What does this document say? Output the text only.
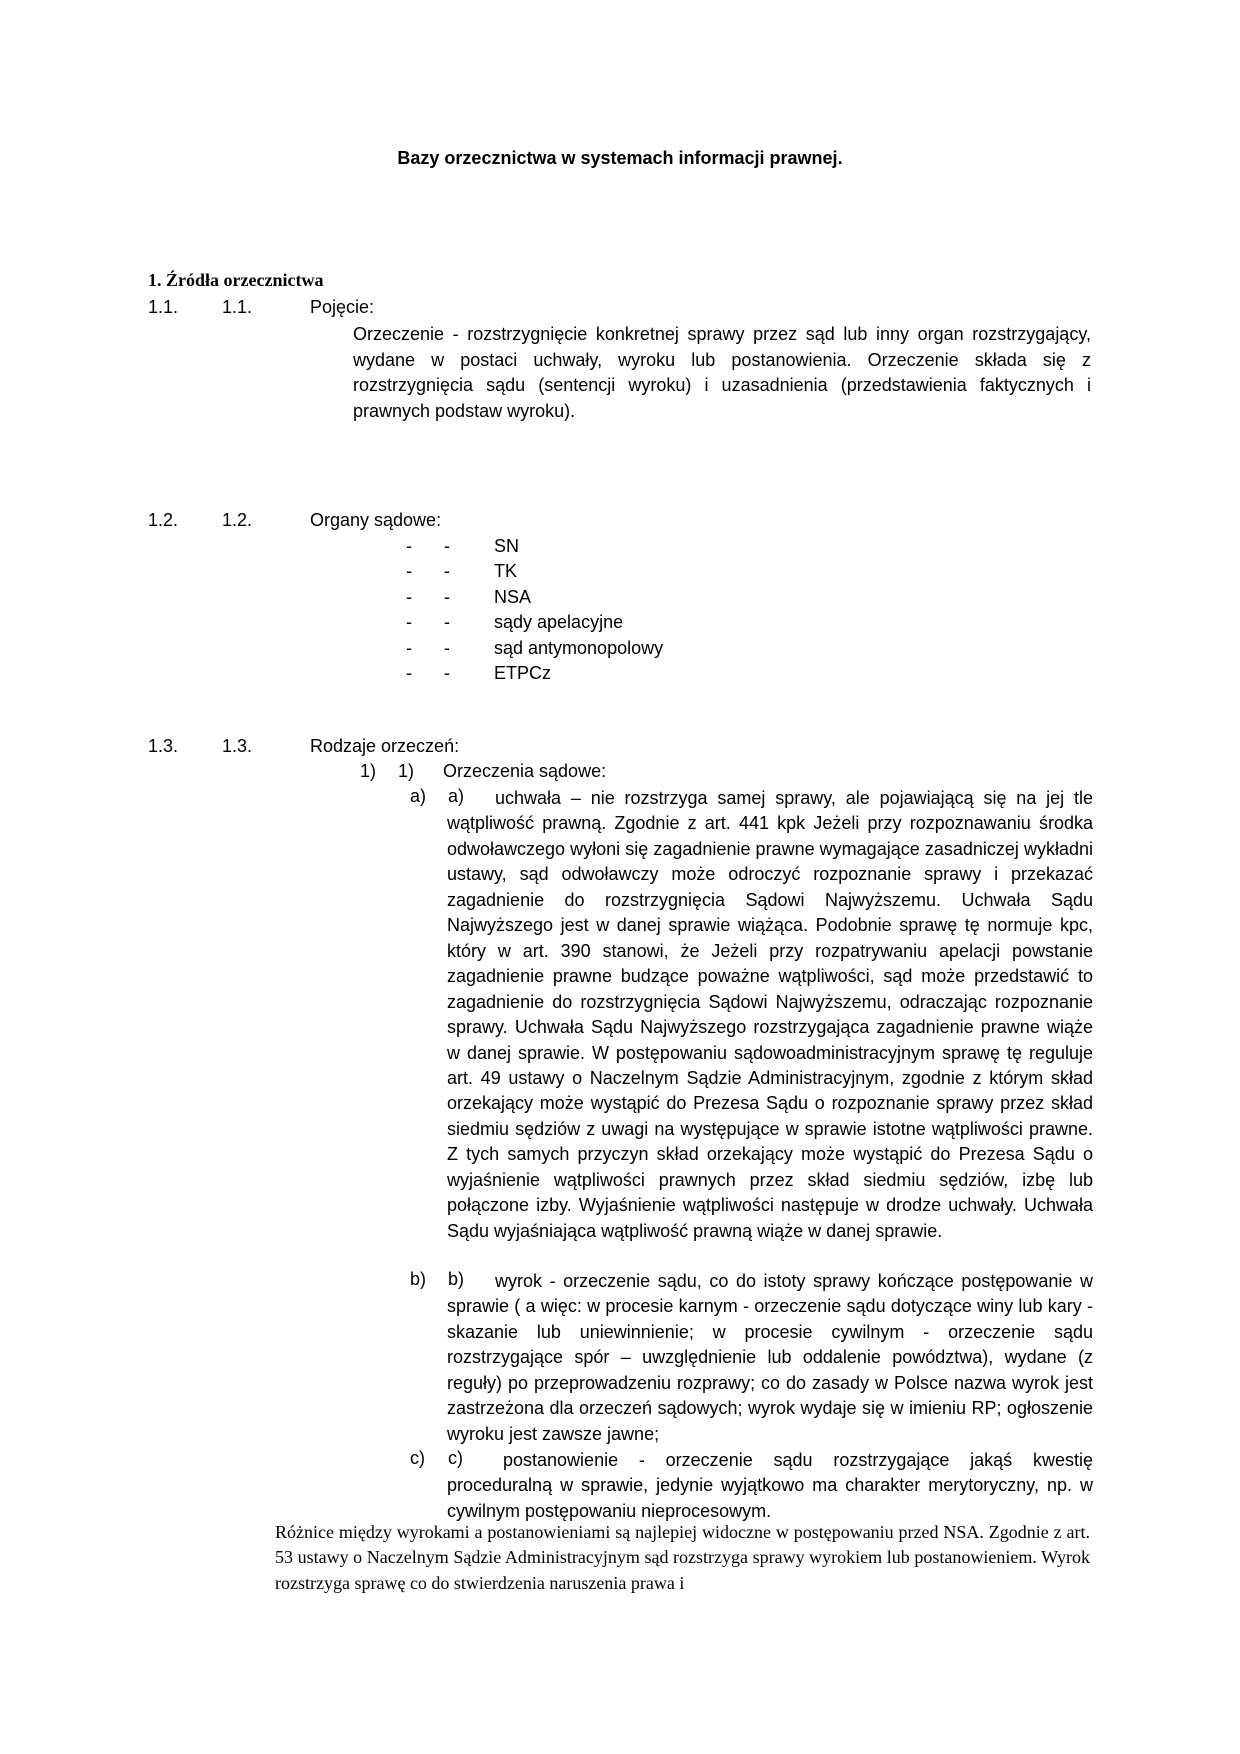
Bazy orzecznictwa w systemach informacji prawnej.
1. Źródła orzecznictwa
1.1. 1.1.	Pojęcie:

Orzeczenie - rozstrzygnięcie konkretnej sprawy przez sąd lub inny organ rozstrzygający, wydane w postaci uchwały, wyroku lub postanowienia. Orzeczenie składa się z rozstrzygnięcia sądu (sentencji wyroku) i uzasadnienia (przedstawienia faktycznych i prawnych podstaw wyroku).

1.2. 1.2.	Organy sądowe:
- - SN
- - TK
- - NSA
- - sądy apelacyjne
- - sąd antymonopolowy
- - ETPCz
1.3. 1.3.	Rodzaje orzeczeń:
1) 1) Orzeczenia sądowe:
a) a)	uchwała – nie rozstrzyga samej sprawy, ale pojawiającą się na jej tle wątpliwość prawną. Zgodnie z art. 441 kpk Jeżeli przy rozpoznawaniu środka odwoławczego wyłoni się zagadnienie prawne wymagające zasadniczej wykładni ustawy, sąd odwoławczy może odroczyć rozpoznanie sprawy i przekazać zagadnienie do rozstrzygnięcia Sądowi Najwyższemu. Uchwała Sądu Najwyższego jest w danej sprawie wiążąca. Podobnie sprawę tę normuje kpc, który w art. 390 stanowi, że Jeżeli przy rozpatrywaniu apelacji powstanie zagadnienie prawne budzące poważne wątpliwości, sąd może przedstawić to zagadnienie do rozstrzygnięcia Sądowi Najwyższemu, odraczając rozpoznanie sprawy. Uchwała Sądu Najwyższego rozstrzygająca zagadnienie prawne wiąże w danej sprawie. W postępowaniu sądowoadministracyjnym sprawę tę reguluje art. 49 ustawy o Naczelnym Sądzie Administracyjnym, zgodnie z którym skład orzekający może wystąpić do Prezesa Sądu o rozpoznanie sprawy przez skład siedmiu sędziów z uwagi na występujące w sprawie istotne wątpliwości prawne. Z tych samych przyczyn skład orzekający może wystąpić do Prezesa Sądu o wyjaśnienie wątpliwości prawnych przez skład siedmiu sędziów, izbę lub połączone izby. Wyjaśnienie wątpliwości następuje w drodze uchwały. Uchwała Sądu wyjaśniająca wątpliwość prawną wiąże w danej sprawie.

b) b)	wyrok - orzeczenie sądu, co do istoty sprawy kończące postępowanie w sprawie ( a więc: w procesie karnym - orzeczenie sądu dotyczące winy lub kary - skazanie lub uniewinnienie; w procesie cywilnym - orzeczenie sądu rozstrzygające spór – uwzględnienie lub oddalenie powództwa), wydane (z reguły) po przeprowadzeniu rozprawy; co do zasady w Polsce nazwa wyrok jest zastrzeżona dla orzeczeń sądowych; wyrok wydaje się w imieniu RP; ogłoszenie wyroku jest zawsze jawne;

c) c)	postanowienie - orzeczenie sądu rozstrzygające jakąś kwestię proceduralną w sprawie, jedynie wyjątkowo ma charakter merytoryczny, np. w cywilnym postępowaniu nieprocesowym.

Różnice między wyrokami a postanowieniami są najlepiej widoczne w postępowaniu przed NSA. Zgodnie z art. 53 ustawy o Naczelnym Sądzie Administracyjnym sąd rozstrzyga sprawy wyrokiem lub postanowieniem. Wyrok rozstrzyga sprawę co do stwierdzenia naruszenia prawa i
